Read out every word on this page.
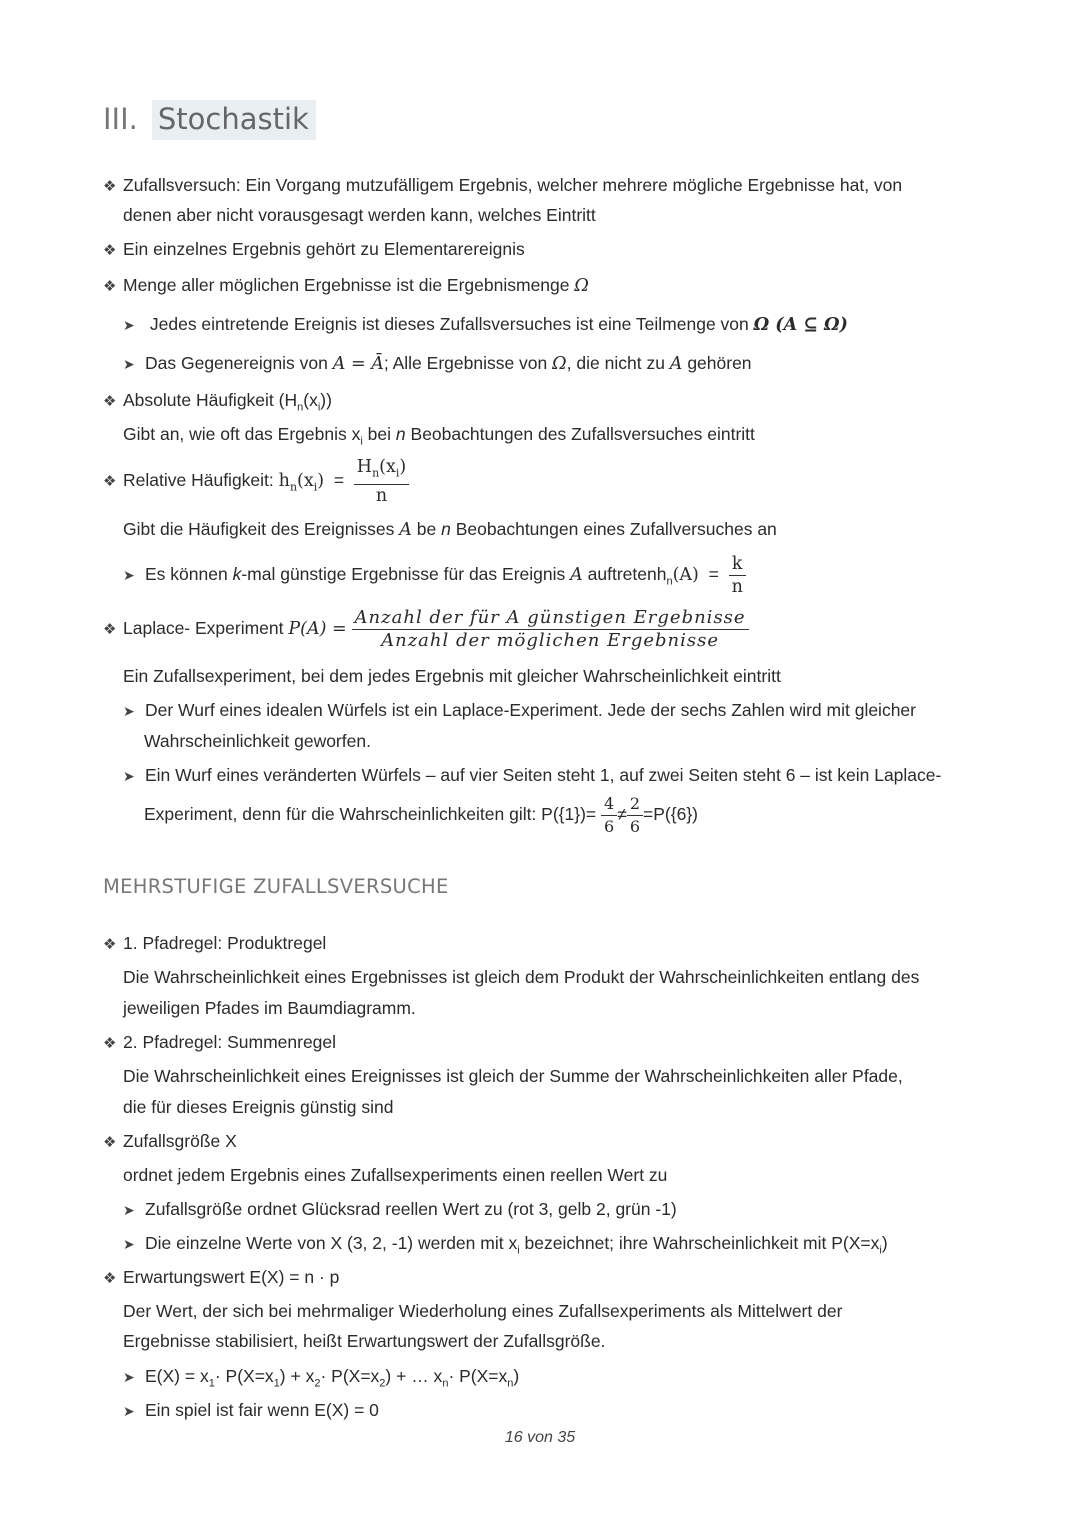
III. Stochastik
❖ Zufallsversuch: Ein Vorgang mutzufälligem Ergebnis, welcher mehrere mögliche Ergebnisse hat, von
denen aber nicht vorausgesagt werden kann, welches Eintritt
❖ Ein einzelnes Ergebnis gehört zu Elementarereignis
❖ Menge aller möglichen Ergebnisse ist die Ergebnismenge Ω
➤ Jedes eintretende Ereignis ist dieses Zufallsversuches ist eine Teilmenge von Ω (A ⊆ Ω)
➤ Das Gegenereignis von A = Ā; Alle Ergebnisse von Ω, die nicht zu A gehören
❖ Absolute Häufigkeit $(H_n(x_i))$
Gibt an, wie oft das Ergebnis $x_i$ bei n Beobachtungen des Zufallsversuches eintritt
❖ Relative Häufigkeit: $h_n(x_i) = \frac{H_n(x_i)}{n}$
Gibt die Häufigkeit des Ereignisses A be n Beobachtungen eines Zufallversuches an
➤ Es können k-mal günstige Ergebnisse für das Ereignis A auftretenh$_n$(A) = $\frac{k}{n}$
❖ Laplace- Experiment $P(A) = \frac{\text{Anzahl der für A günstigen Ergebnisse}}{\text{Anzahl der möglichen Ergebnisse}}$
Ein Zufallsexperiment, bei dem jedes Ergebnis mit gleicher Wahrscheinlichkeit eintritt
➤ Der Wurf eines idealen Würfels ist ein Laplace-Experiment. Jede der sechs Zahlen wird mit gleicher
Wahrscheinlichkeit geworfen.
➤ Ein Wurf eines veränderten Würfels – auf vier Seiten steht 1, auf zwei Seiten steht 6 – ist kein Laplace-
Experiment, denn für die Wahrscheinlichkeiten gilt: $P(\{1\})= \frac{4}{6} \ne \frac{2}{6} =P(\{6\})$
MEHRSTUFIGE ZUFALLSVERSUCHE
❖ 1. Pfadregel: Produktregel
Die Wahrscheinlichkeit eines Ergebnisses ist gleich dem Produkt der Wahrscheinlichkeiten entlang des
jeweiligen Pfades im Baumdiagramm.
❖ 2. Pfadregel: Summenregel
Die Wahrscheinlichkeit eines Ereignisses ist gleich der Summe der Wahrscheinlichkeiten aller Pfade,
die für dieses Ereignis günstig sind
❖ Zufallsgröße X
ordnet jedem Ergebnis eines Zufallsexperiments einen reellen Wert zu
➤ Zufallsgröße ordnet Glücksrad reellen Wert zu (rot 3, gelb 2, grün -1)
➤ Die einzelne Werte von X (3, 2, -1) werden mit $x_i$ bezeichnet; ihre Wahrscheinlichkeit mit $P(X=x_i)$
❖ Erwartungswert E(X) = n · p
Der Wert, der sich bei mehrmaliger Wiederholung eines Zufallsexperiments als Mittelwert der
Ergebnisse stabilisiert, heißt Erwartungswert der Zufallsgröße.
➤ $E(X) = x_1\cdot P(X=x_1) + x_2\cdot P(X=x_2)$ + … $x_n\cdot P(X=x_n)$
➤ Ein spiel ist fair wenn E(X) = 0
16 von 35
